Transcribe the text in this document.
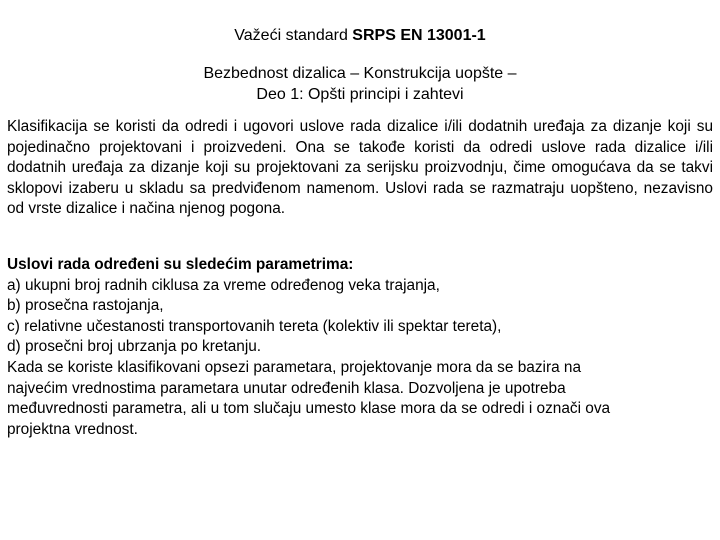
Važeći standard SRPS EN 13001-1
Bezbednost dizalica – Konstrukcija uopšte –
Deo 1: Opšti principi i zahtevi
Klasifikacija se koristi da odredi i ugovori uslove rada dizalice i/ili dodatnih uređaja za dizanje koji su pojedinačno projektovani i proizvedeni. Ona se takođe koristi da odredi uslove rada dizalice i/ili dodatnih uređaja za dizanje koji su projektovani za serijsku proizvodnju, čime omogućava da se takvi sklopovi izaberu u skladu sa predviđenom namenom. Uslovi rada se razmatraju uopšteno, nezavisno od vrste dizalice i načina njenog pogona.
Uslovi rada određeni su sledećim parametrima:
a) ukupni broj radnih ciklusa za vreme određenog veka trajanja,
b) prosečna rastojanja,
c) relativne učestanosti transportovanih tereta (kolektiv ili spektar tereta),
d) prosečni broj ubrzanja po kretanju.
Kada se koriste klasifikovani opsezi parametara, projektovanje mora da se bazira na
najvećim vrednostima parametara unutar određenih klasa. Dozvoljena je upotreba
međuvrednosti parametra, ali u tom slučaju umesto klase mora da se odredi i označi ova
projektna vrednost.
